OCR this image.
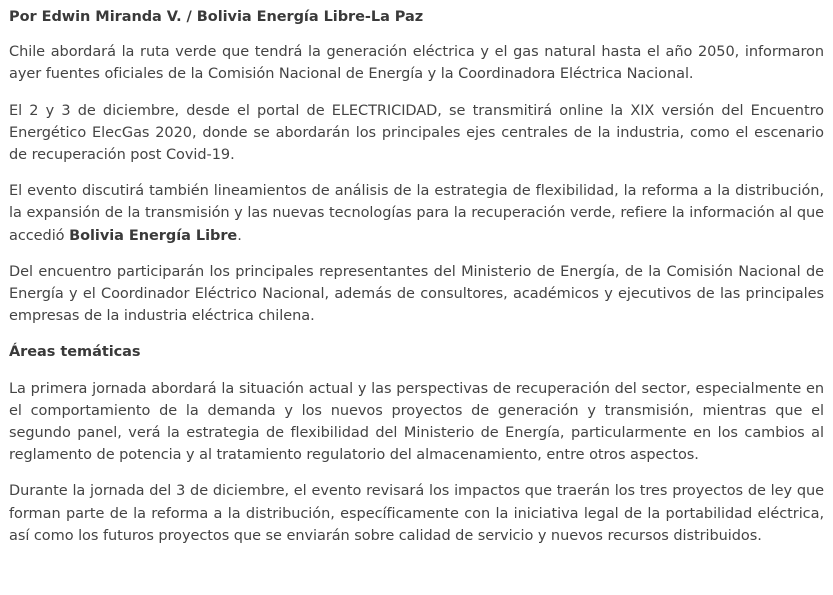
Por Edwin Miranda V. / Bolivia Energía Libre-La Paz

Chile abordará la ruta verde que tendrá la generación eléctrica y el gas natural hasta el año 2050, informaron ayer fuentes oficiales de la Comisión Nacional de Energía y la Coordinadora Eléctrica Nacional.

El 2 y 3 de diciembre, desde el portal de ELECTRICIDAD, se transmitirá online la XIX versión del Encuentro Energético ElecGas 2020, donde se abordarán los principales ejes centrales de la industria, como el escenario de recuperación post Covid-19.

El evento discutirá también lineamientos de análisis de la estrategia de flexibilidad, la reforma a la distribución, la expansión de la transmisión y las nuevas tecnologías para la recuperación verde, refiere la información al que accedió Bolivia Energía Libre.

Del encuentro participarán los principales representantes del Ministerio de Energía, de la Comisión Nacional de Energía y el Coordinador Eléctrico Nacional, además de consultores, académicos y ejecutivos de las principales empresas de la industria eléctrica chilena.

Áreas temáticas

La primera jornada abordará la situación actual y las perspectivas de recuperación del sector, especialmente en el comportamiento de la demanda y los nuevos proyectos de generación y transmisión, mientras que el segundo panel, verá la estrategia de flexibilidad del Ministerio de Energía, particularmente en los cambios al reglamento de potencia y al tratamiento regulatorio del almacenamiento, entre otros aspectos.

Durante la jornada del 3 de diciembre, el evento revisará los impactos que traerán los tres proyectos de ley que forman parte de la reforma a la distribución, específicamente con la iniciativa legal de la portabilidad eléctrica, así como los futuros proyectos que se enviarán sobre calidad de servicio y nuevos recursos distribuidos.
